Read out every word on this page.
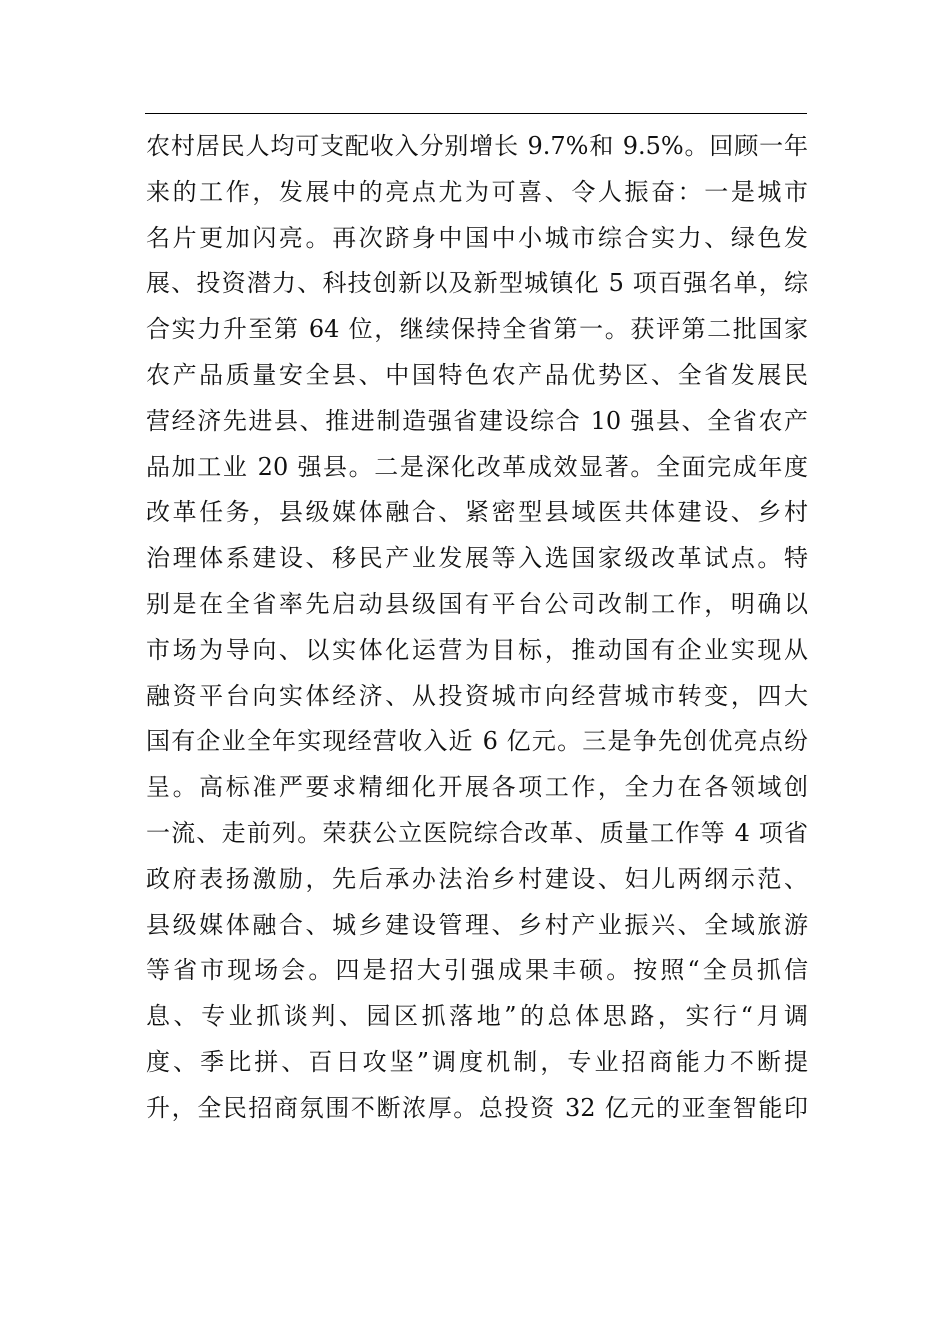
农村居民人均可支配收入分别增长 9.7%和 9.5%。回顾一年
来的工作，发展中的亮点尤为可喜、令人振奋：一是城市
名片更加闪亮。再次跻身中国中小城市综合实力、绿色发
展、投资潜力、科技创新以及新型城镇化 5 项百强名单，综
合实力升至第 64 位，继续保持全省第一。获评第二批国家
农产品质量安全县、中国特色农产品优势区、全省发展民
营经济先进县、推进制造强省建设综合 10 强县、全省农产
品加工业 20 强县。二是深化改革成效显著。全面完成年度
改革任务，县级媒体融合、紧密型县域医共体建设、乡村
治理体系建设、移民产业发展等入选国家级改革试点。特
别是在全省率先启动县级国有平台公司改制工作，明确以
市场为导向、以实体化运营为目标，推动国有企业实现从
融资平台向实体经济、从投资城市向经营城市转变，四大
国有企业全年实现经营收入近 6 亿元。三是争先创优亮点纷
呈。高标准严要求精细化开展各项工作，全力在各领域创
一流、走前列。荣获公立医院综合改革、质量工作等 4 项省
政府表扬激励，先后承办法治乡村建设、妇儿两纲示范、
县级媒体融合、城乡建设管理、乡村产业振兴、全域旅游
等省市现场会。四是招大引强成果丰硕。按照“全员抓信
息、专业抓谈判、园区抓落地”的总体思路，实行“月调
度、季比拼、百日攻坚”调度机制，专业招商能力不断提
升，全民招商氛围不断浓厚。总投资 32 亿元的亚奎智能印
